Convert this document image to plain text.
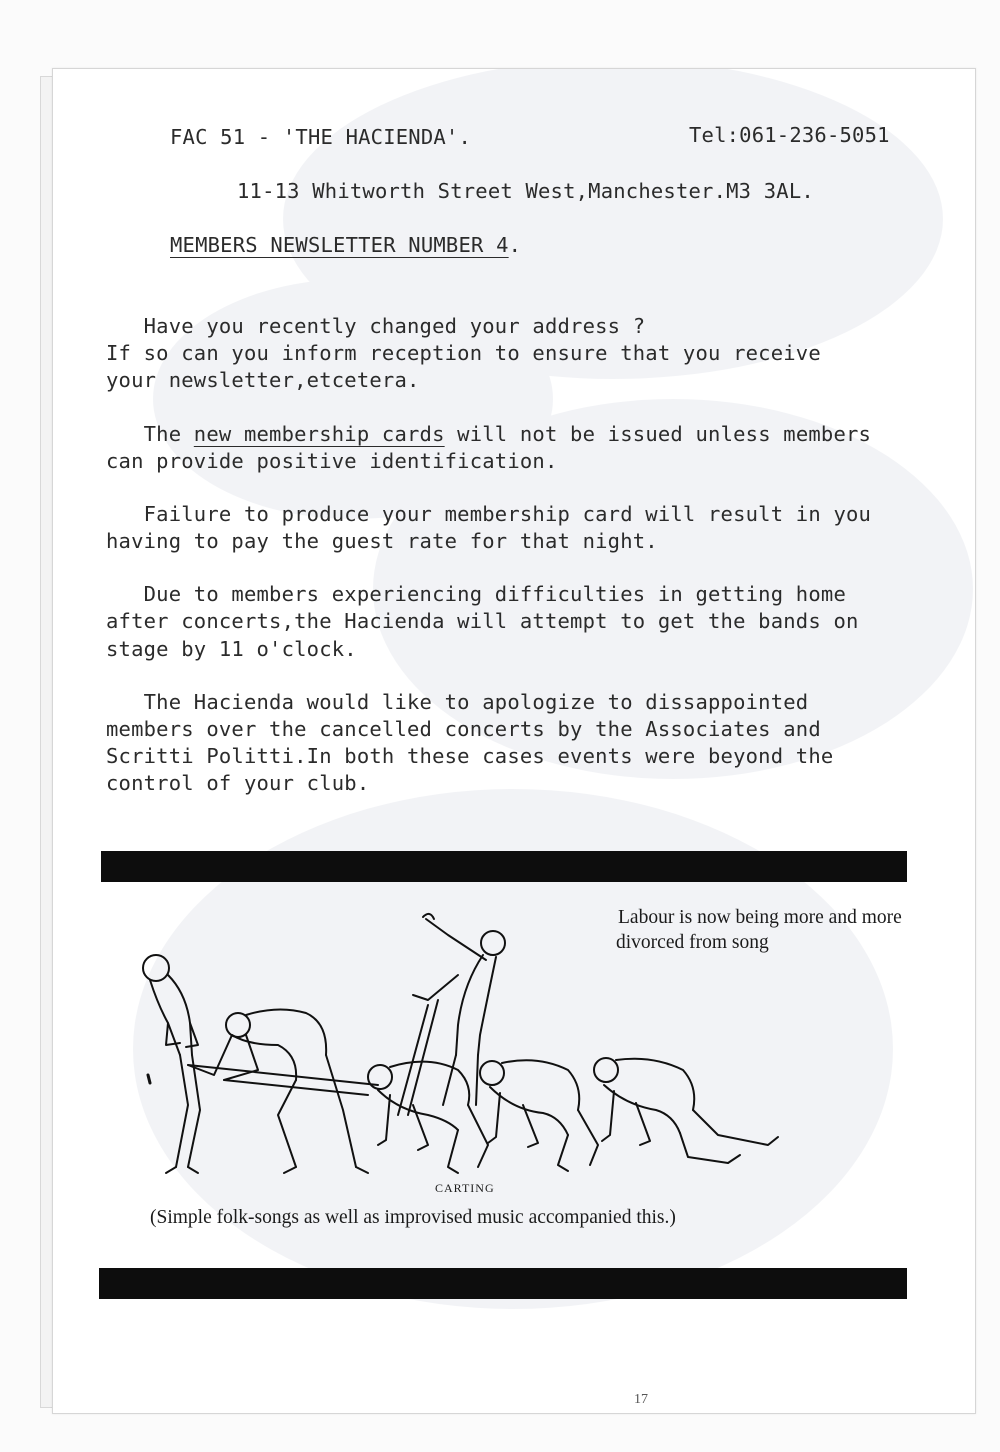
FAC 51 - 'THE HACIENDA'.	Tel:061-236-5051
11-13 Whitworth Street West,Manchester.M3 3AL.
MEMBERS NEWSLETTER NUMBER 4.
Have you recently changed your address ?
If so can you inform reception to ensure that you receive
your newsletter,etcetera.
The new membership cards will not be issued unless members
can provide positive identification.
Failure to produce your membership card will result in you
having to pay the guest rate for that night.
Due to members experiencing difficulties in getting home
after concerts,the Hacienda will attempt to get the bands on
stage by 11 o'clock.
The Hacienda would like to apologize to dissappointed
members over the cancelled concerts by the Associates and
Scritti Politti.In both these cases events were beyond the
control of your club.
Labour is now being more and more
divorced from song
CARTING
(Simple folk-songs as well as improvised music accompanied this.)
17
